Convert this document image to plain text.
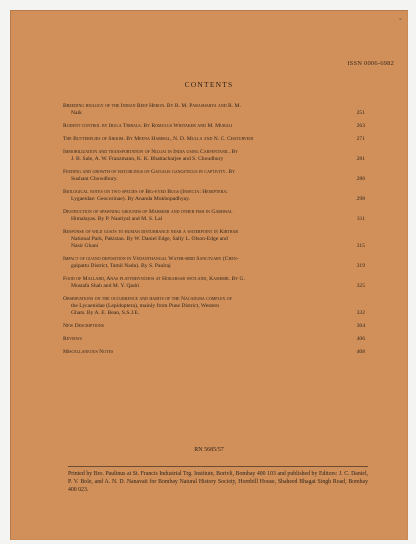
ⁱᵏ
ISSN 0006-6982
CONTENTS
Breeding biology of the Indian Reef Heron. By B. M. Parasharya and R. M.
Naik	251
Rodent control by Irula Tribals. By Romulus Whitaker and M. Murali	263
The Butterflies of Sikkim. By Meena Haribal, N. D. Mulla and N. C. Chaturvedi	271
Immobilization and transportation of Nilgai in India using Carfentanil. By
J. B. Sale, A. W. Franzmann, K. K. Bhattacharjee and S. Choudhury	281
Feeding and growth of hatchlings of Gavialis gangeticus in captivity. By
Sushant Chowdhury.	286
Biological notes on two species of Big-eyed Bugs (Insecta: Hemiptera:
Lygaeidae: Geocorinae). By Ananda Mukhopadhyay.	298
Destruction of spawning grounds of Mahseer and other fish in Garhwal
Himalayas. By P. Nautiyal and M. S. Lal	311
Response of wild goats to human disturbance near a waterpoint in Kirthar
National Park, Pakistan. By W. Daniel Edge, Sally L. Olson-Edge and
Nasir Ghani	315
Impact of guano deposition in Vedanthangal Water-bird Sanctuary (Chen-
galpattu District, Tamil Nadu). By S. Paulraj	319
Food of Mallard, Anas platyrhynchos at Hokarsar wetland, Kashmir. By G.
Mustafa Shah and M. Y. Qadri	325
Observations on the occurrence and habits of the Nacaduba complex of
the Lycaenidae (Lepidoptera), mainly from Pune District, Western
Ghats. By A. E. Bean, S.S.J.E.	332
New Descriptions	364
Reviews	406
Miscellaneous Notes	408
RN 5685/57
Printed by Bro. Paulinus at St. Francis Industrial Trg. Institute, Borivli, Bombay 400 103 and published by Editors: J. C. Daniel, P. V. Bole, and A. N. D. Nanavati for Bombay Natural History Society, Hornbill House, Shaheed Bhagat Singh Road, Bombay 400 023.
